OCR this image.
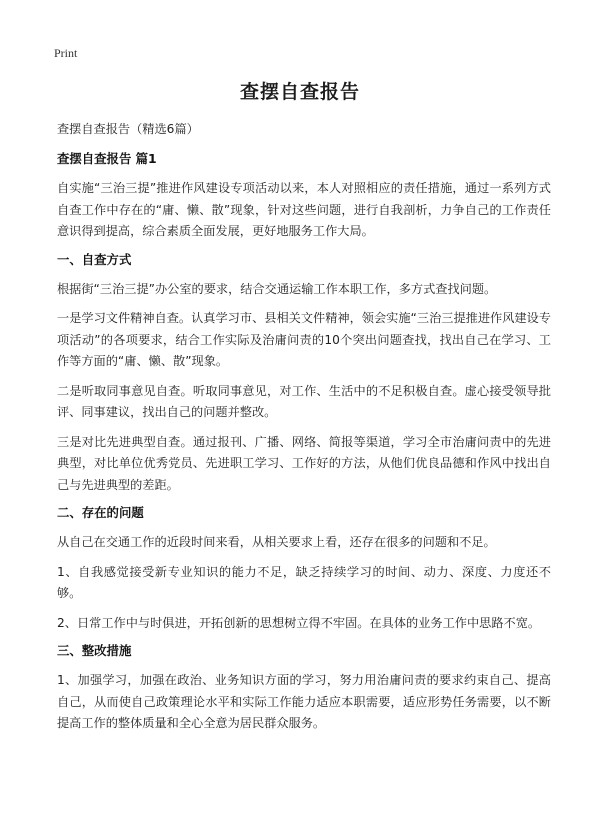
Print
查摆自查报告

查摆自查报告（精选6篇）

查摆自查报告 篇1

自实施“三治三提”推进作风建设专项活动以来，本人对照相应的责任措施，通过一系列方式自查工作中存在的“庸、懒、散”现象，针对这些问题，进行自我剖析，力争自己的工作责任意识得到提高，综合素质全面发展，更好地服务工作大局。

一、自查方式

根据街“三治三提”办公室的要求，结合交通运输工作本职工作，多方式查找问题。

一是学习文件精神自查。认真学习市、县相关文件精神，领会实施“三治三提推进作风建设专项活动”的各项要求，结合工作实际及治庸问责的10个突出问题查找，找出自己在学习、工作等方面的“庸、懒、散”现象。

二是听取同事意见自查。听取同事意见，对工作、生活中的不足积极自查。虚心接受领导批评、同事建议，找出自己的问题并整改。

三是对比先进典型自查。通过报刊、广播、网络、简报等渠道，学习全市治庸问责中的先进典型，对比单位优秀党员、先进职工学习、工作好的方法，从他们优良品德和作风中找出自己与先进典型的差距。

二、存在的问题

从自己在交通工作的近段时间来看，从相关要求上看，还存在很多的问题和不足。

1、自我感觉接受新专业知识的能力不足，缺乏持续学习的时间、动力、深度、力度还不够。

2、日常工作中与时俱进，开拓创新的思想树立得不牢固。在具体的业务工作中思路不宽。

三、整改措施

1、加强学习，加强在政治、业务知识方面的学习，努力用治庸问责的要求约束自己、提高自己，从而使自己政策理论水平和实际工作能力适应本职需要，适应形势任务需要，以不断提高工作的整体质量和全心全意为居民群众服务。
